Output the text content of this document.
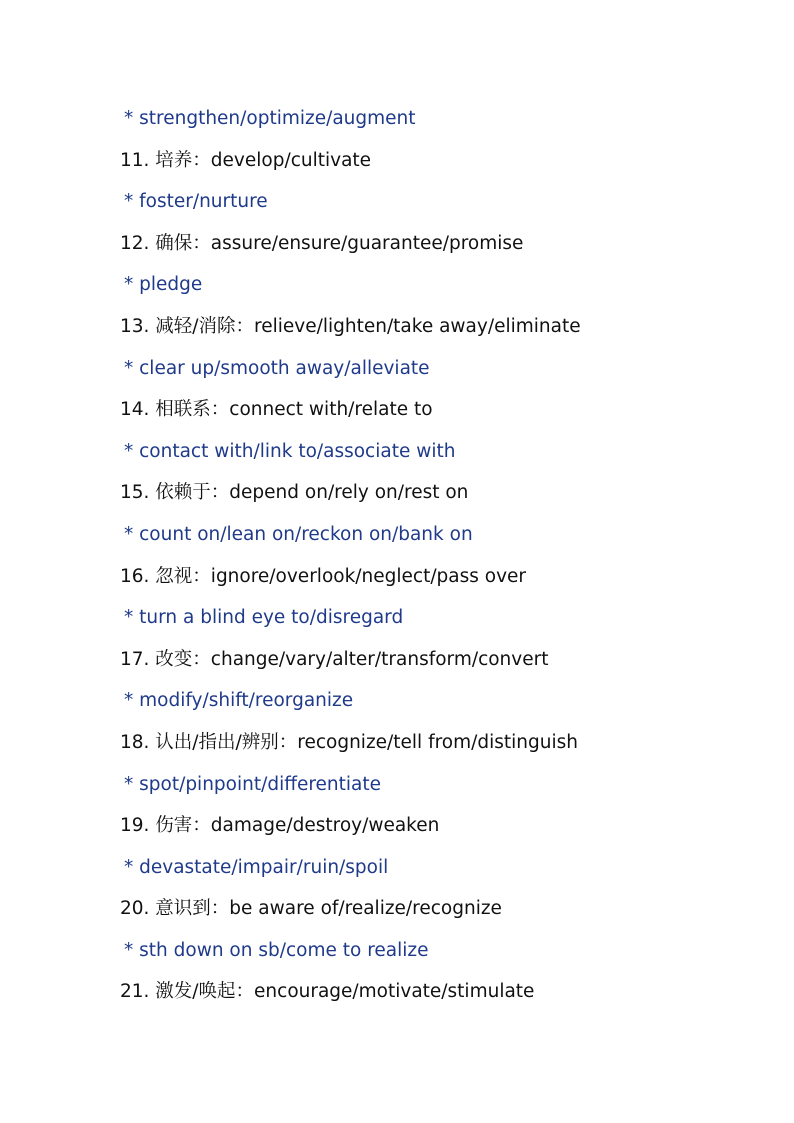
* strengthen/optimize/augment
11. 培养：develop/cultivate
* foster/nurture
12. 确保：assure/ensure/guarantee/promise
* pledge
13. 减轻/消除：relieve/lighten/take away/eliminate
* clear up/smooth away/alleviate
14. 相联系：connect with/relate to
* contact with/link to/associate with
15. 依赖于：depend on/rely on/rest on
* count on/lean on/reckon on/bank on
16. 忽视：ignore/overlook/neglect/pass over
* turn a blind eye to/disregard
17. 改变：change/vary/alter/transform/convert
* modify/shift/reorganize
18. 认出/指出/辨别：recognize/tell from/distinguish
* spot/pinpoint/differentiate
19. 伤害：damage/destroy/weaken
* devastate/impair/ruin/spoil
20. 意识到：be aware of/realize/recognize
* sth down on sb/come to realize
21. 激发/唤起：encourage/motivate/stimulate
